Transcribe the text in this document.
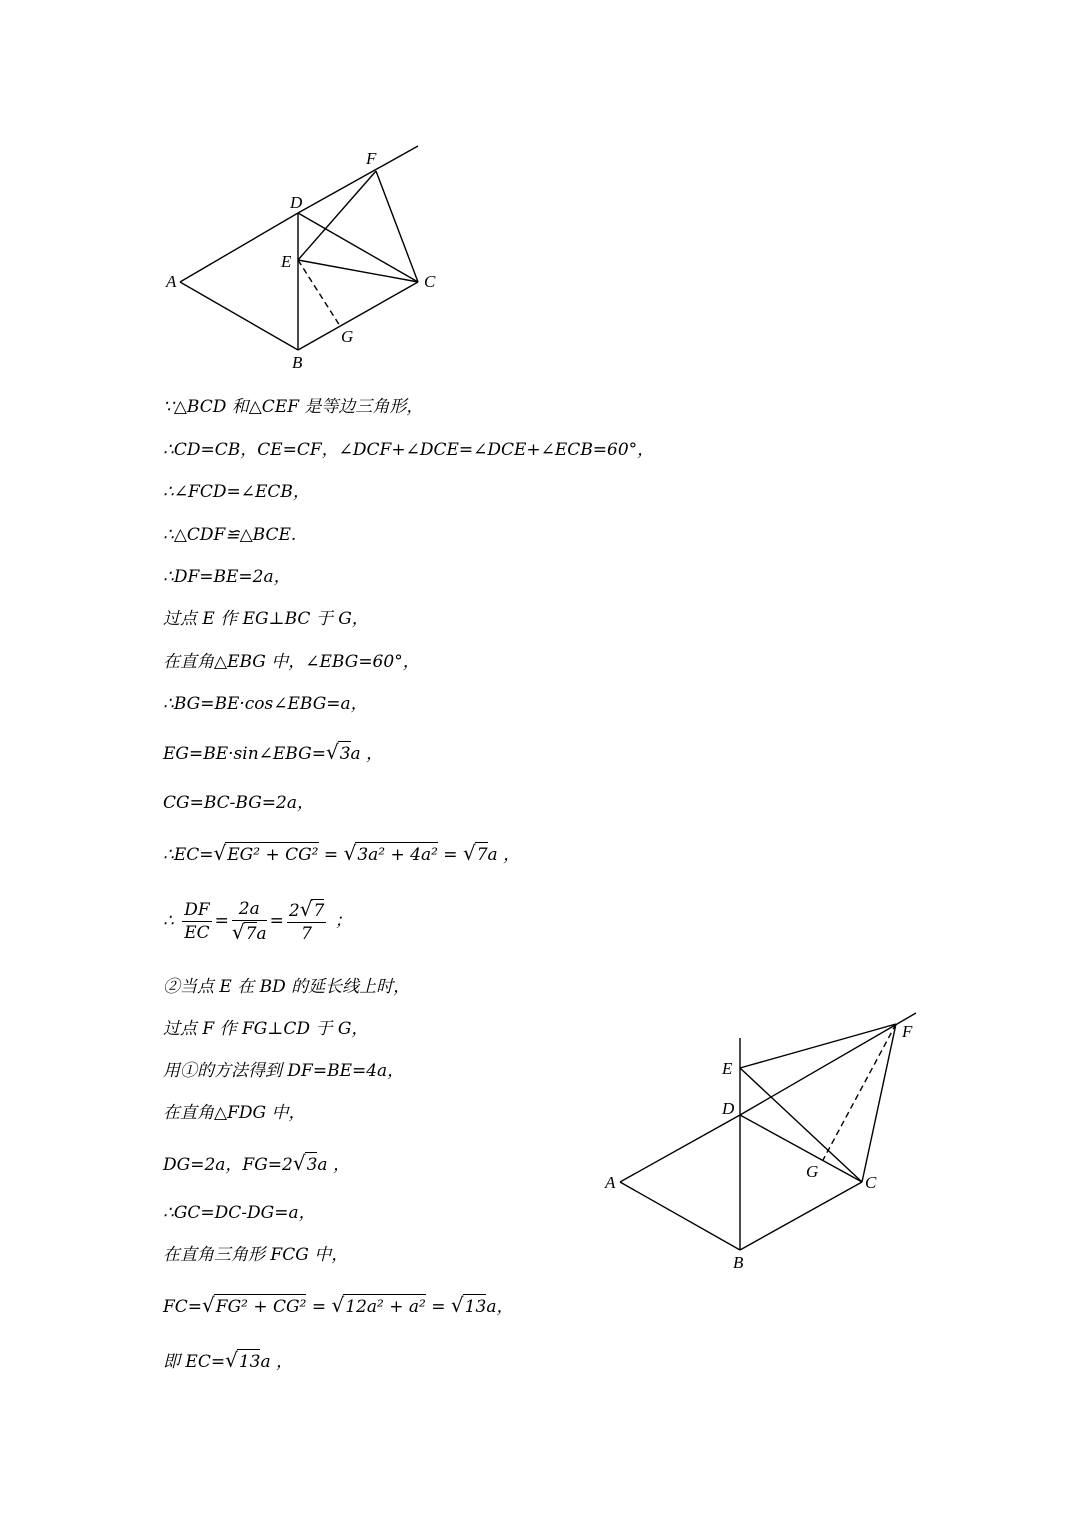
F
D
E
A	C
G
B
F
E
D
G
A	C
B
∵△BCD 和△CEF 是等边三角形，
∴CD=CB，CE=CF，∠DCF+∠DCE=∠DCE+∠ECB=60°，
∴∠FCD=∠ECB，
∴△CDF≌△BCE.
∴DF=BE=2a，
过点 E 作 EG⊥BC 于 G，
在直角△EBG 中，∠EBG=60°，
∴BG=BE·cos∠EBG=a，
EG=BE·sin∠EBG=√3a ，
CG=BC-BG=2a，
∴EC=√EG² + CG² = √3a² + 4a² = √7a ，
∴ $\frac{DF}{EC} = \frac{2a}{√7a} = \frac{2√7}{7}$ ；
②当点 E 在 BD 的延长线上时，
过点 F 作 FG⊥CD 于 G，
用①的方法得到 DF=BE=4a，
在直角△FDG 中，
DG=2a，FG=2√3a ，
∴GC=DC-DG=a，
在直角三角形 FCG 中，
FC=√FG² + CG² = √12a² + a² = √13a，
即 EC=√13a ，
